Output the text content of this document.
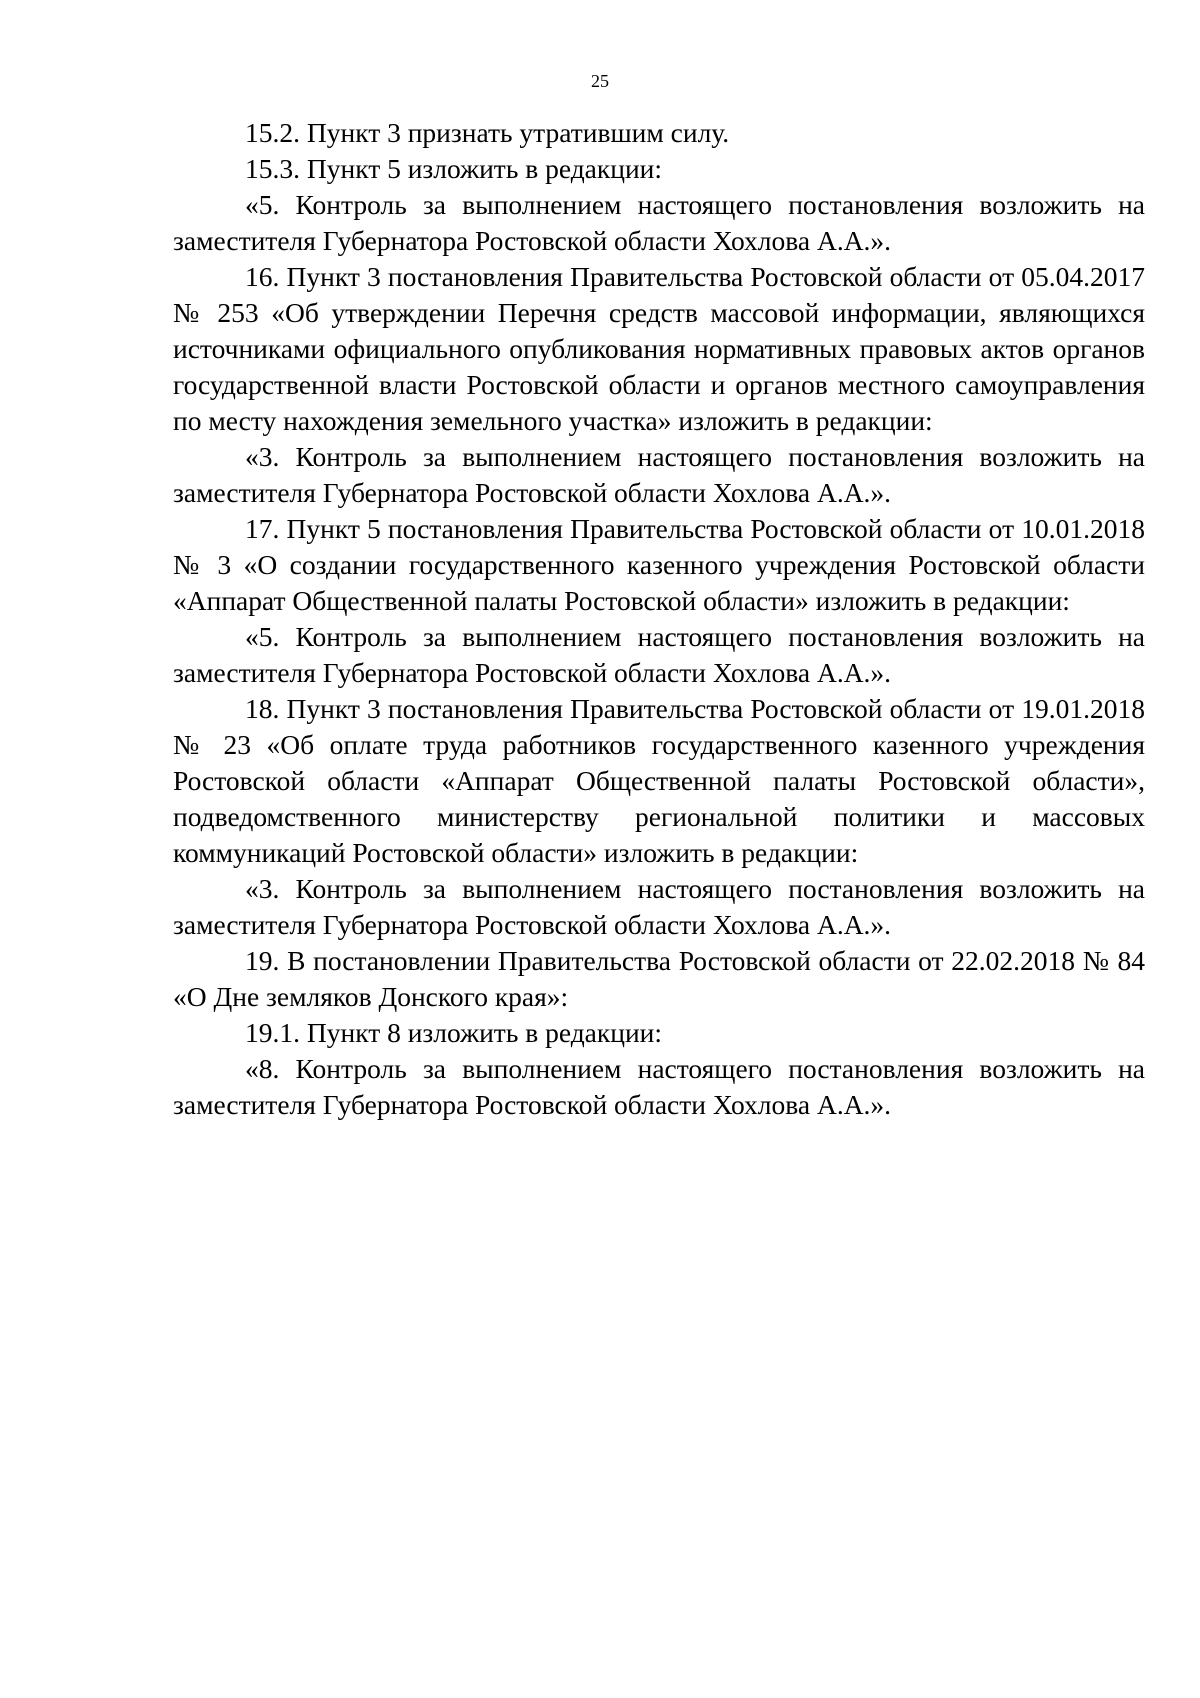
25

15.2. Пункт 3 признать утратившим силу.

15.3. Пункт 5 изложить в редакции:

«5. Контроль за выполнением настоящего постановления возложить на заместителя Губернатора Ростовской области Хохлова А.А.».

16. Пункт 3 постановления Правительства Ростовской области от 05.04.2017 № 253 «Об утверждении Перечня средств массовой информации, являющихся источниками официального опубликования нормативных правовых актов органов государственной власти Ростовской области и органов местного самоуправления по месту нахождения земельного участка» изложить в редакции:

«3. Контроль за выполнением настоящего постановления возложить на заместителя Губернатора Ростовской области Хохлова А.А.».

17. Пункт 5 постановления Правительства Ростовской области от 10.01.2018 № 3 «О создании государственного казенного учреждения Ростовской области «Аппарат Общественной палаты Ростовской области» изложить в редакции:

«5. Контроль за выполнением настоящего постановления возложить на заместителя Губернатора Ростовской области Хохлова А.А.».

18. Пункт 3 постановления Правительства Ростовской области от 19.01.2018 № 23 «Об оплате труда работников государственного казенного учреждения Ростовской области «Аппарат Общественной палаты Ростовской области», подведомственного министерству региональной политики и массовых коммуникаций Ростовской области» изложить в редакции:

«3. Контроль за выполнением настоящего постановления возложить на заместителя Губернатора Ростовской области Хохлова А.А.».

19. В постановлении Правительства Ростовской области от 22.02.2018 № 84 «О Дне земляков Донского края»:

19.1. Пункт 8 изложить в редакции:

«8. Контроль за выполнением настоящего постановления возложить на заместителя Губернатора Ростовской области Хохлова А.А.».
